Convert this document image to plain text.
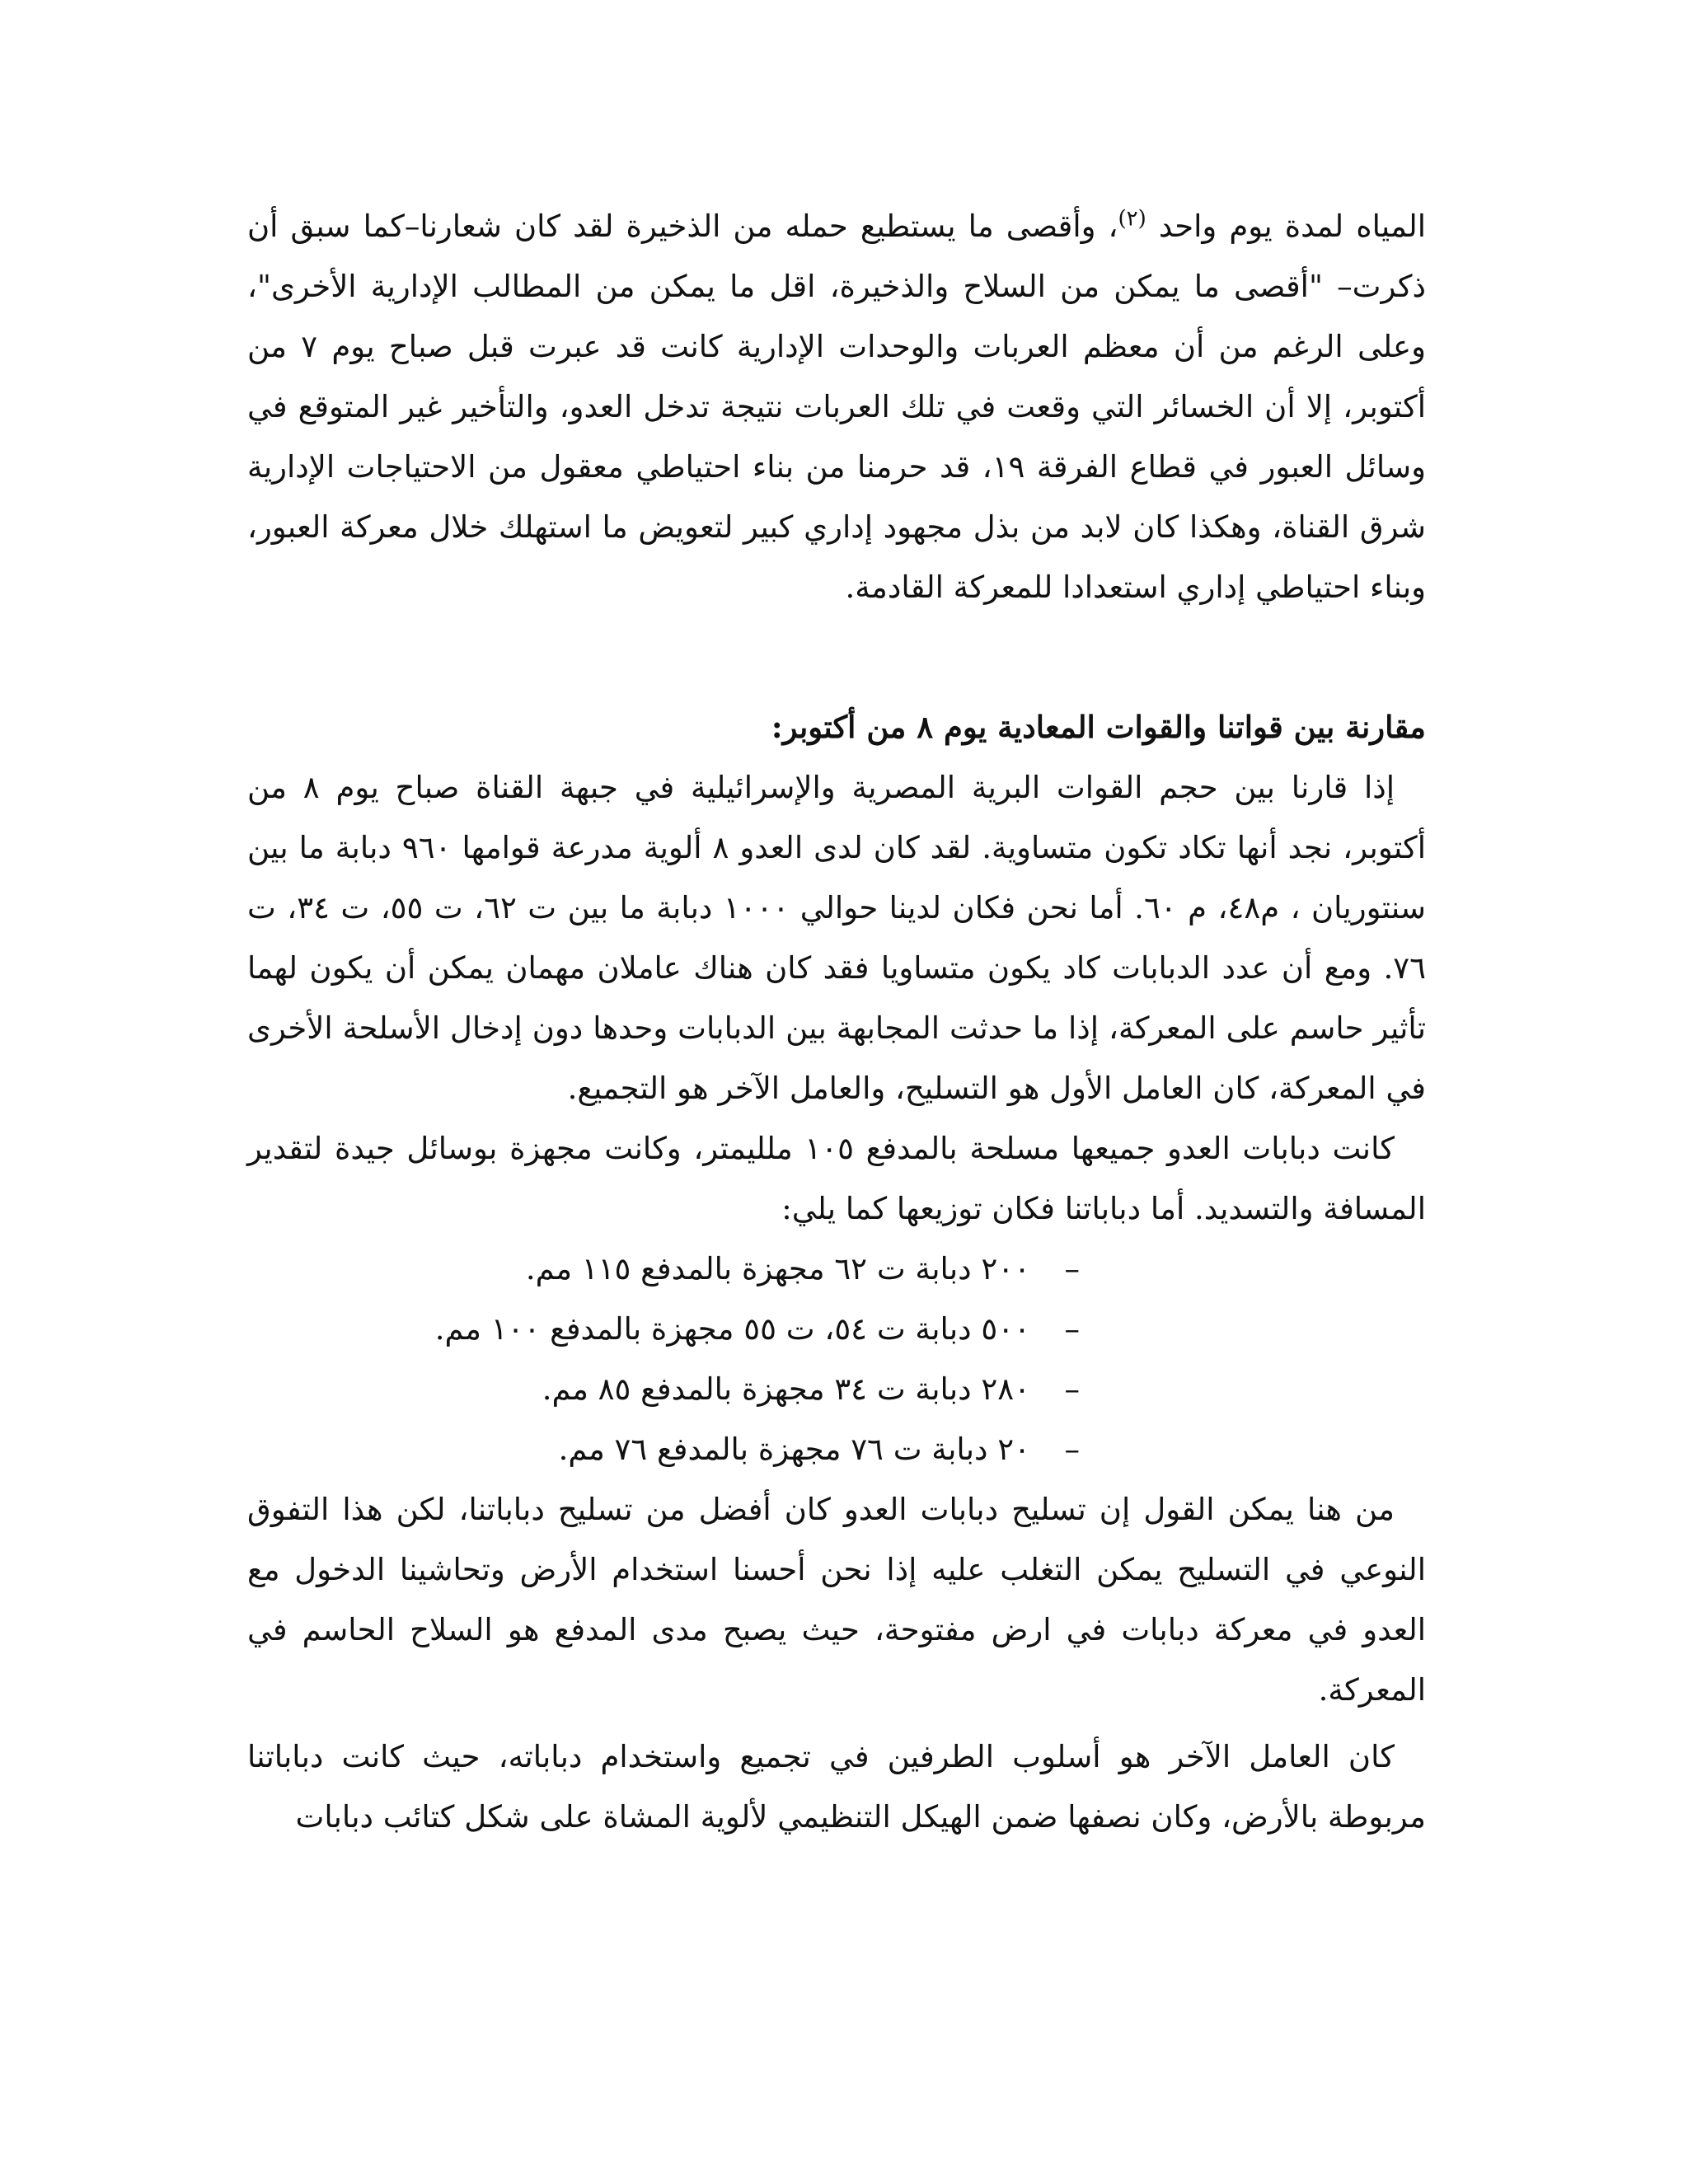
المياه لمدة يوم واحد $^{(٢)}$، وأقصى ما يستطيع حمله من الذخيرة لقد كان شعارنا–كما سبق أن ذكرت– "أقصى ما يمكن من السلاح والذخيرة، اقل ما يمكن من المطالب الإدارية الأخرى"، وعلى الرغم من أن معظم العربات والوحدات الإدارية كانت قد عبرت قبل صباح يوم ٧ من أكتوبر، إلا أن الخسائر التي وقعت في تلك العربات نتيجة تدخل العدو، والتأخير غير المتوقع في وسائل العبور في قطاع الفرقة ١٩، قد حرمنا من بناء احتياطي معقول من الاحتياجات الإدارية شرق القناة، وهكذا كان لابد من بذل مجهود إداري كبير لتعويض ما استهلك خلال معركة العبور، وبناء احتياطي إداري استعدادا للمعركة القادمة.

مقارنة بين قواتنا والقوات المعادية يوم ٨ من أكتوبر:

إذا قارنا بين حجم القوات البرية المصرية والإسرائيلية في جبهة القناة صباح يوم ٨ من أكتوبر، نجد أنها تكاد تكون متساوية. لقد كان لدى العدو ٨ ألوية مدرعة قوامها ٩٦٠ دبابة ما بين سنتوريان ، م٤٨، م ٦٠. أما نحن فكان لدينا حوالي ١٠٠٠ دبابة ما بين ت ٦٢، ت ٥٥، ت ٣٤، ت ٧٦. ومع أن عدد الدبابات كاد يكون متساويا فقد كان هناك عاملان مهمان يمكن أن يكون لهما تأثير حاسم على المعركة، إذا ما حدثت المجابهة بين الدبابات وحدها دون إدخال الأسلحة الأخرى في المعركة، كان العامل الأول هو التسليح، والعامل الآخر هو التجميع.

كانت دبابات العدو جميعها مسلحة بالمدفع ١٠٥ ملليمتر، وكانت مجهزة بوسائل جيدة لتقدير المسافة والتسديد. أما دباباتنا فكان توزيعها كما يلي:

–٢٠٠ دبابة ت ٦٢ مجهزة بالمدفع ١١٥ مم.
–٥٠٠ دبابة ت ٥٤، ت ٥٥ مجهزة بالمدفع ١٠٠ مم.
–٢٨٠ دبابة ت ٣٤ مجهزة بالمدفع ٨٥ مم.
–٢٠ دبابة ت ٧٦ مجهزة بالمدفع ٧٦ مم.

من هنا يمكن القول إن تسليح دبابات العدو كان أفضل من تسليح دباباتنا، لكن هذا التفوق النوعي في التسليح يمكن التغلب عليه إذا نحن أحسنا استخدام الأرض وتحاشينا الدخول مع العدو في معركة دبابات في ارض مفتوحة، حيث يصبح مدى المدفع هو السلاح الحاسم في المعركة.

كان العامل الآخر هو أسلوب الطرفين في تجميع واستخدام دباباته، حيث كانت دباباتنا مربوطة بالأرض، وكان نصفها ضمن الهيكل التنظيمي لألوية المشاة على شكل كتائب دبابات
